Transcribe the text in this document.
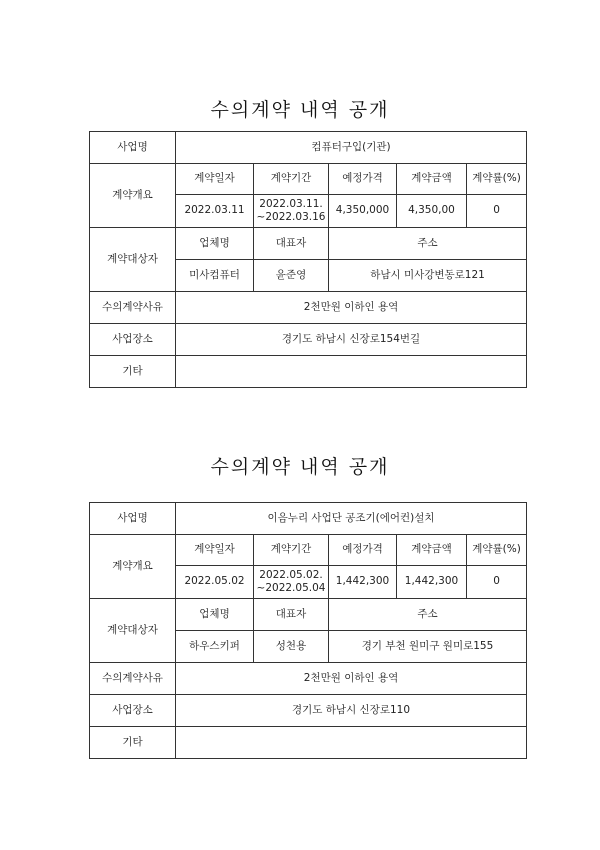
수의계약 내역 공개
사업명	컴퓨터구입(기관)				
계약개요	계약일자	계약기간	예정가격	계약금액	계약률(%)
	2022.03.11	2022.03.11.
~2022.03.16	4,350,000	4,350,00	0
계약대상자	업체명	대표자	주소		
	미사컴퓨터	윤준영	하남시 미사강변동로121		
수의계약사유	2천만원 이하인 용역				
사업장소	경기도 하남시 신장로154번길				
기타					
수의계약 내역 공개
사업명	이음누리 사업단 공조기(에어컨)설치				
계약개요	계약일자	계약기간	예정가격	계약금액	계약률(%)
	2022.05.02	2022.05.02.
~2022.05.04	1,442,300	1,442,300	0
계약대상자	업체명	대표자	주소		
	하우스키퍼	성천용	경기 부천 원미구 원미로155		
수의계약사유	2천만원 이하인 용역				
사업장소	경기도 하남시 신장로110				
기타					
